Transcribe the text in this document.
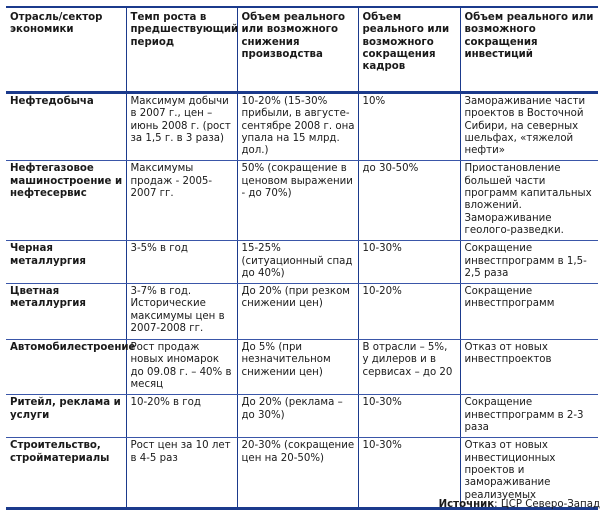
Отрасль/сектор экономики	Темп роста в предшествующий период	Объем реального или возможного снижения производства	Объем реального или возможного сокращения кадров	Объем реального или возможного сокращения инвестиций
Нефтедобыча	Максимум добычи в 2007 г., цен – июнь 2008 г. (рост за 1,5 г. в 3 раза)	10-20% (15-30% прибыли, в августе-сентябре 2008 г. она упала на 15 млрд. дол.)	10%	Замораживание части проектов в Восточной Сибири, на северных шельфах, «тяжелой нефти»
Нефтегазовое машиностроение и нефтесервис	Максимумы продаж - 2005-2007 гг.	50% (сокращение в ценовом выражении - до 70%)	до 30-50%	Приостановление большей части программ капитальных вложений. Замораживание геолого-разведки.
Черная металлургия	3-5% в год	15-25% (ситуационный спад до 40%)	10-30%	Сокращение инвестпрограмм в 1,5-2,5 раза
Цветная металлургия	3-7% в год. Исторические максимумы цен в 2007-2008 гг.	До 20% (при резком снижении цен)	10-20%	Сокращение инвестпрограмм
Автомобилестроение	Рост продаж новых иномарок до 09.08 г. – 40% в месяц	До 5% (при незначительном снижении цен)	В отрасли – 5%, у дилеров и в сервисах – до 20	Отказ от новых инвестпроектов
Ритейл, реклама и услуги	10-20% в год	До 20% (реклама – до 30%)	10-30%	Сокращение инвестпрограмм в 2-3 раза
Строительство, стройматериалы	Рост цен за 10 лет в 4-5 раз	20-30% (сокращение цен на 20-50%)	10-30%	Отказ от новых инвестиционных проектов и замораживание реализуемых
Источник: ЦСР Северо-Запад
